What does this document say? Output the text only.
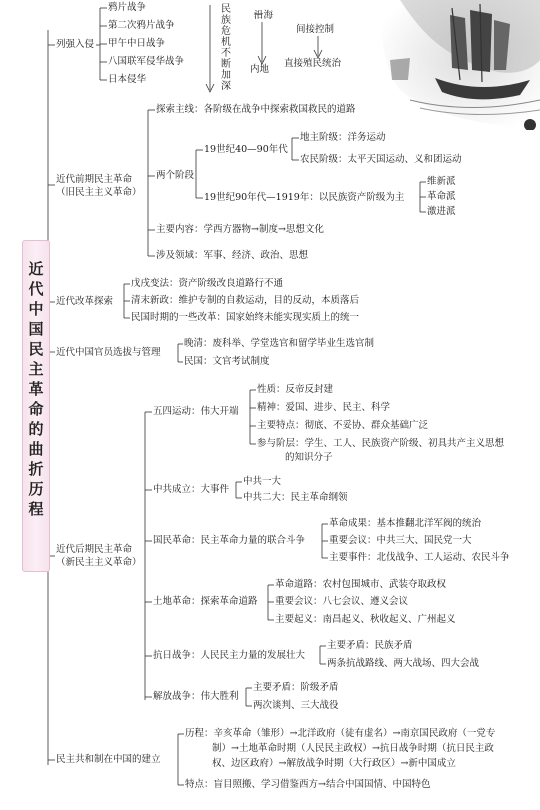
近代中国民主革命的曲折历程
列强入侵
鸦片战争
第二次鸦片战争
甲午中日战争
八国联军侵华战争
日本侵华
民族危机不断加深
沿海
内地
间接控制
直接殖民统治
近代前期民主革命
（旧民主主义革命）
探索主线：各阶级在战争中探索救国救民的道路
两个阶段
19世纪40—90年代
地主阶级：洋务运动
农民阶级：太平天国运动、义和团运动
19世纪90年代—1919年：以民族资产阶级为主
维新派
革命派
激进派
主要内容：学西方器物→制度→思想文化
涉及领域：军事、经济、政治、思想
近代改革探索
戊戌变法：资产阶级改良道路行不通
清末新政：维护专制的自救运动，目的反动，本质落后
民国时期的一些改革：国家始终未能实现实质上的统一
近代中国官员选拔与管理
晚清：废科举、学堂选官和留学毕业生选官制
民国：文官考试制度
近代后期民主革命
（新民主主义革命）
五四运动：伟大开端
性质：反帝反封建
精神：爱国、进步、民主、科学
主要特点：彻底、不妥协、群众基础广泛
参与阶层：学生、工人、民族资产阶级、初具共产主义思想
的知识分子
中共成立：大事件
中共一大
中共二大：民主革命纲领
国民革命：民主革命力量的联合斗争
革命成果：基本推翻北洋军阀的统治
重要会议：中共三大、国民党一大
主要事件：北伐战争、工人运动、农民斗争
土地革命：探索革命道路
革命道路：农村包围城市、武装夺取政权
重要会议：八七会议、遵义会议
主要起义：南昌起义、秋收起义、广州起义
抗日战争：人民民主力量的发展壮大
主要矛盾：民族矛盾
两条抗战路线、两大战场、四大会战
解放战争：伟大胜利
主要矛盾：阶级矛盾
两次谈判、三大战役
民主共和制在中国的建立
历程：辛亥革命（雏形）→北洋政府（徒有虚名）→南京国民政府（一党专
制）→土地革命时期（人民民主政权）→抗日战争时期（抗日民主政
权、边区政府）→解放战争时期（大行政区）→新中国成立
特点：盲目照搬、学习借鉴西方→结合中国国情、中国特色
